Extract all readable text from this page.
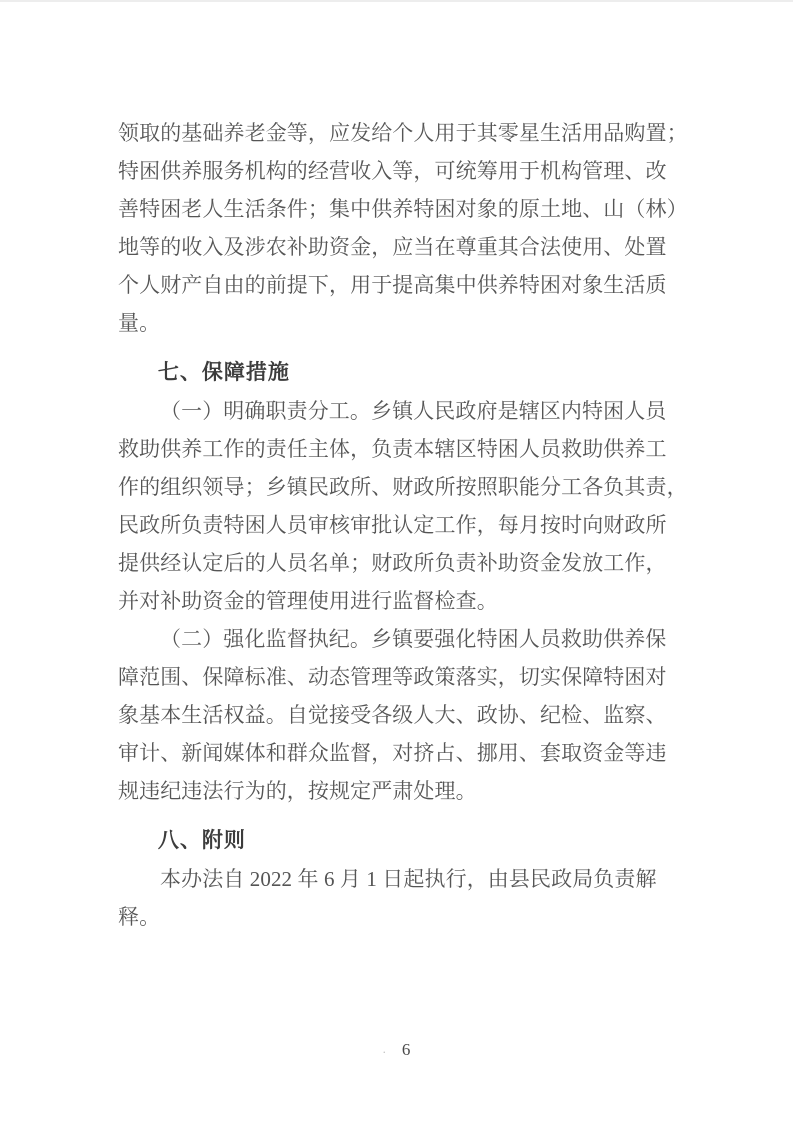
领取的基础养老金等，应发给个人用于其零星生活用品购置；
特困供养服务机构的经营收入等，可统筹用于机构管理、改
善特困老人生活条件；集中供养特困对象的原土地、山（林）
地等的收入及涉农补助资金，应当在尊重其合法使用、处置
个人财产自由的前提下，用于提高集中供养特困对象生活质
量。
七、保障措施
（一）明确职责分工。乡镇人民政府是辖区内特困人员
救助供养工作的责任主体，负责本辖区特困人员救助供养工
作的组织领导；乡镇民政所、财政所按照职能分工各负其责，
民政所负责特困人员审核审批认定工作，每月按时向财政所
提供经认定后的人员名单；财政所负责补助资金发放工作，
并对补助资金的管理使用进行监督检查。
（二）强化监督执纪。乡镇要强化特困人员救助供养保
障范围、保障标准、动态管理等政策落实，切实保障特困对
象基本生活权益。自觉接受各级人大、政协、纪检、监察、
审计、新闻媒体和群众监督，对挤占、挪用、套取资金等违
规违纪违法行为的，按规定严肃处理。
八、附则
本办法自 2022 年 6 月 1 日起执行，由县民政局负责解
释。
. 6
